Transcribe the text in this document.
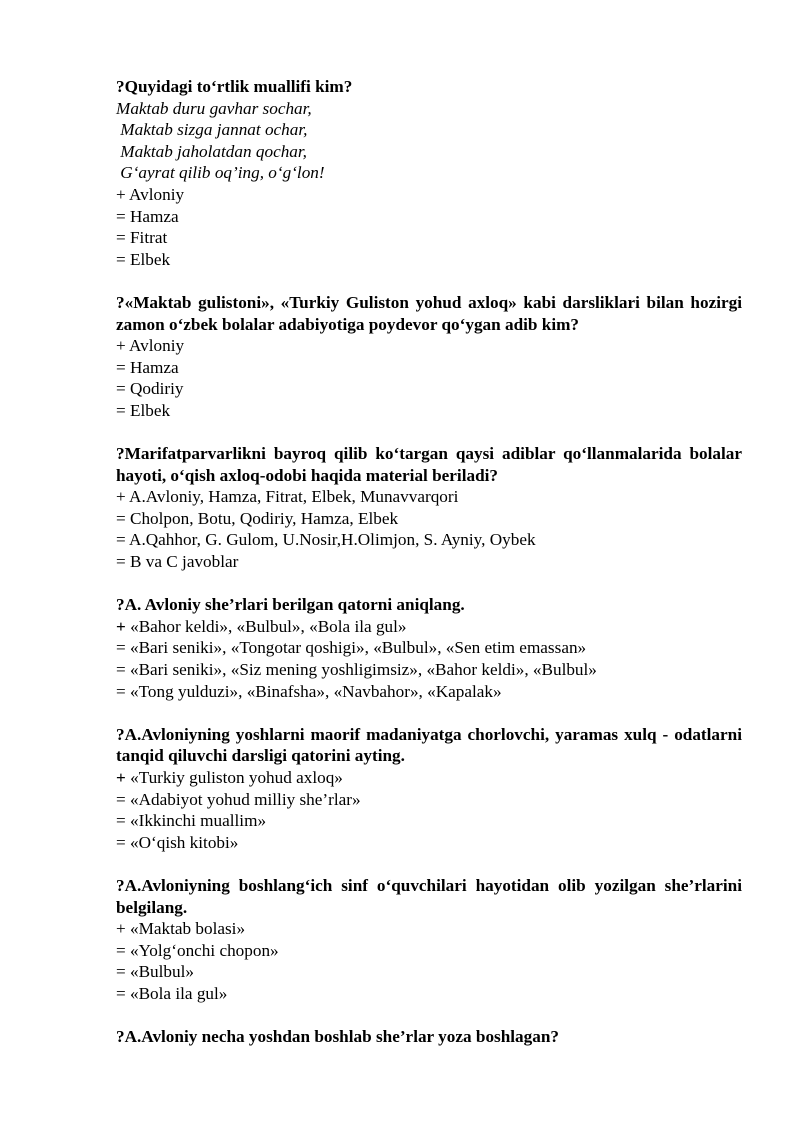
?Quyidagi to‘rtlik muallifi kim?

Maktab duru gavhar sochar,

Maktab sizga jannat ochar,

Maktab jaholatdan qochar,

G‘ayrat qilib oq’ing, o‘g‘lon!

+ Avloniy

= Hamza

= Fitrat

= Elbek

?«Maktab gulistoni», «Turkiy Guliston yohud axloq» kabi darsliklari bilan hozirgi zamon o‘zbek bolalar adabiyotiga poydevor qo‘ygan adib kim?

+ Avloniy

= Hamza

= Qodiriy

= Elbek

?Marifatparvarlikni bayroq qilib ko‘targan qaysi adiblar qo‘llanmalarida bolalar hayoti, o‘qish axloq-odobi haqida material beriladi?

+ A.Avloniy, Hamza, Fitrat, Elbek, Munavvarqori

= Cholpon, Botu, Qodiriy, Hamza, Elbek

= A.Qahhor, G. Gulom, U.Nosir,H.Olimjon, S. Ayniy, Oybek

= B va C javoblar

?A. Avloniy she’rlari berilgan qatorni aniqlang.

+ «Bahor keldi», «Bulbul», «Bola ila gul»

= «Bari seniki», «Tongotar qoshigi», «Bulbul», «Sen etim emassan»

= «Bari seniki», «Siz mening yoshligimsiz», «Bahor keldi», «Bulbul»

= «Tong yulduzi», «Binafsha», «Navbahor», «Kapalak»

?A.Avloniyning yoshlarni maorif madaniyatga chorlovchi, yaramas xulq - odatlarni tanqid qiluvchi darsligi qatorini ayting.

+ «Turkiy guliston yohud axloq»

= «Adabiyot yohud milliy she’rlar»

= «Ikkinchi muallim»

= «O‘qish kitobi»

?A.Avloniyning boshlang‘ich sinf o‘quvchilari hayotidan olib yozilgan she’rlarini belgilang.

+ «Maktab bolasi»

= «Yolg‘onchi chopon»

= «Bulbul»

= «Bola ila gul»

?A.Avloniy necha yoshdan boshlab she’rlar yoza boshlagan?
